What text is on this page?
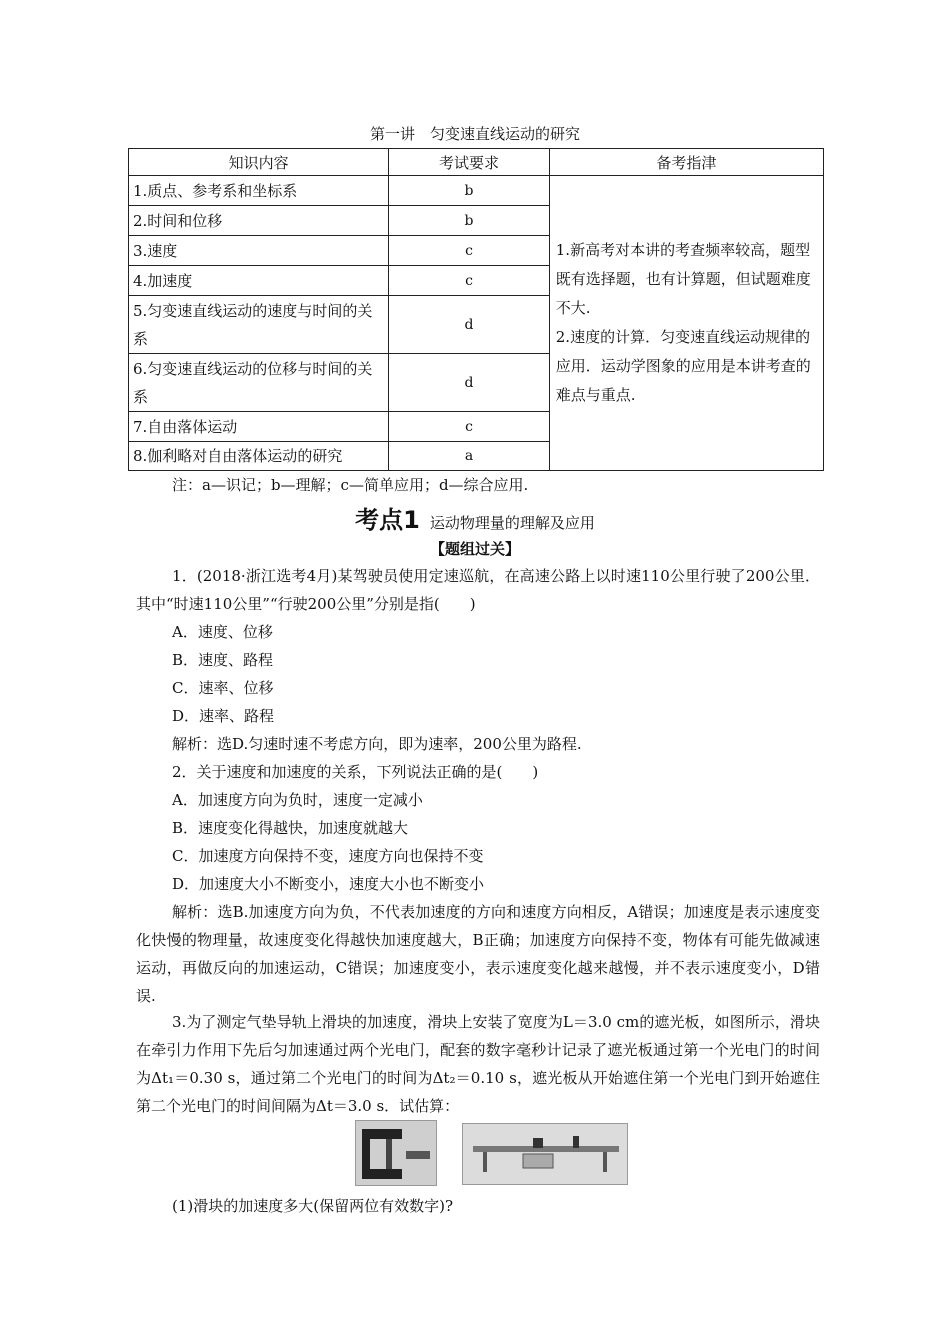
第一讲　匀变速直线运动的研究
知识内容	考试要求	备考指津
1.质点、参考系和坐标系	b	1.新高考对本讲的考查频率较高，题型既有选择题，也有计算题，但试题难度不大.
2.速度的计算．匀变速直线运动规律的应用．运动学图象的应用是本讲考查的难点与重点.

2.时间和位移	b	
3.速度	c	
4.加速度	c	
5.匀变速直线运动的速度与时间的关系	d	
6.匀变速直线运动的位移与时间的关系	d	
7.自由落体运动	c	
8.伽利略对自由落体运动的研究	a	
注：a—识记；b—理解；c—简单应用；d—综合应用.
考点1 运动物理量的理解及应用
【题组过关】
1．(2018·浙江选考4月)某驾驶员使用定速巡航，在高速公路上以时速110公里行驶了200公里．其中“时速110公里”“行驶200公里”分别是指(　　)
A．速度、位移
B．速度、路程
C．速率、位移
D．速率、路程
解析：选D.匀速时速不考虑方向，即为速率，200公里为路程.
2．关于速度和加速度的关系，下列说法正确的是(　　)
A．加速度方向为负时，速度一定减小
B．速度变化得越快，加速度就越大
C．加速度方向保持不变，速度方向也保持不变
D．加速度大小不断变小，速度大小也不断变小
解析：选B.加速度方向为负，不代表加速度的方向和速度方向相反，A错误；加速度是表示速度变化快慢的物理量，故速度变化得越快加速度越大，B正确；加速度方向保持不变，物体有可能先做减速运动，再做反向的加速运动，C错误；加速度变小，表示速度变化越来越慢，并不表示速度变小，D错误.
3.为了测定气垫导轨上滑块的加速度，滑块上安装了宽度为L＝3.0 cm的遮光板，如图所示，滑块在牵引力作用下先后匀加速通过两个光电门，配套的数字毫秒计记录了遮光板通过第一个光电门的时间为Δt₁＝0.30 s，通过第二个光电门的时间为Δt₂＝0.10 s，遮光板从开始遮住第一个光电门到开始遮住第二个光电门的时间间隔为Δt＝3.0 s．试估算：
(1)滑块的加速度多大(保留两位有效数字)?
